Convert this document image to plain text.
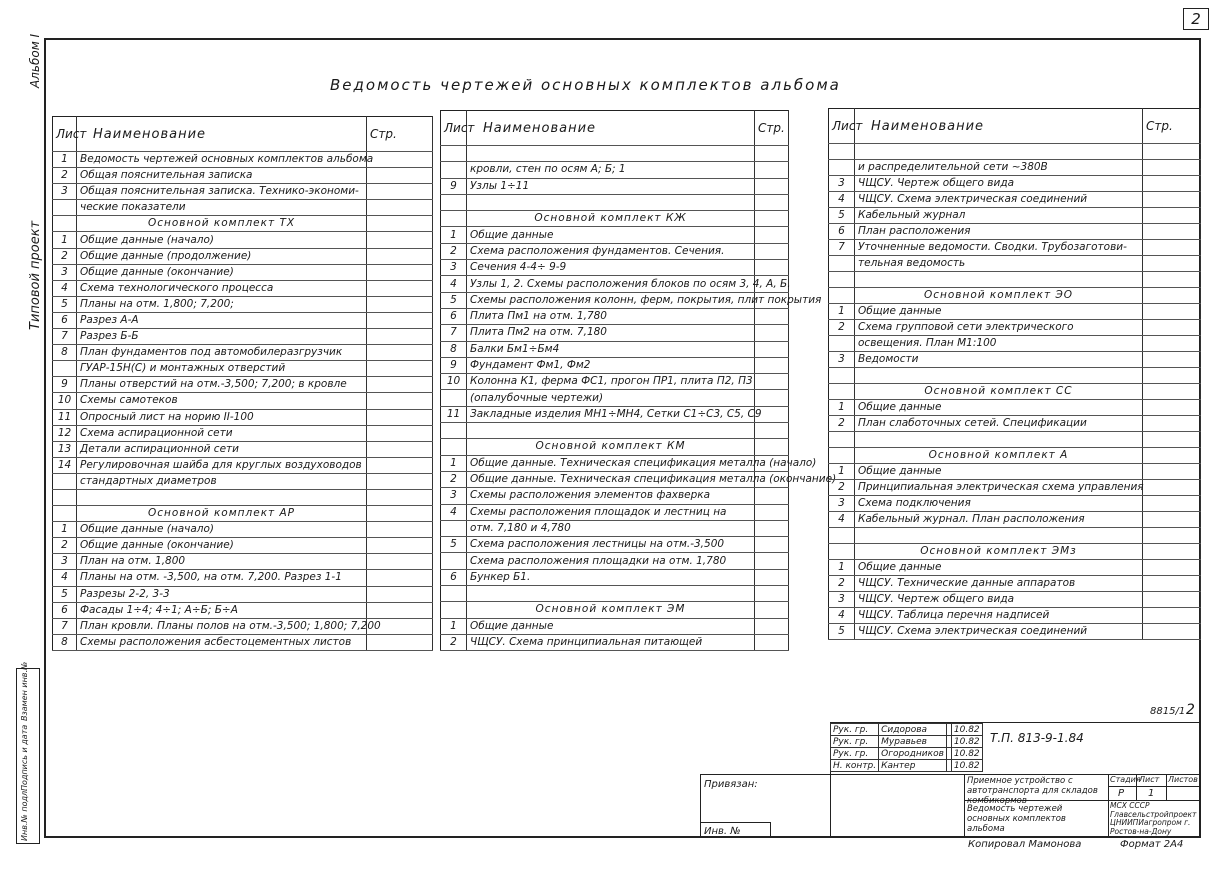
2
Альбом I
Типовой проект
Инв.№ подл.
Подпись и дата
Взамен инв.№
Ведомость чертежей основных комплектов альбома
Лист	Наименование	Стр.
1	Ведомость чертежей основных комплектов альбома	
2	Общая пояснительная записка	
3	Общая пояснительная записка. Технико-экономи-	
	ческие показатели	
	Основной комплект ТХ	
1	Общие данные (начало)	
2	Общие данные (продолжение)	
3	Общие данные (окончание)	
4	Схема технологического процесса	
5	Планы на отм. 1,800; 7,200;	
6	Разрез А-А	
7	Разрез Б-Б	
8	План фундаментов под автомобилеразгрузчик	
	ГУАР-15Н(С) и монтажных отверстий	
9	Планы отверстий на отм.-3,500; 7,200; в кровле	
10	Схемы самотеков	
11	Опросный лист на норию II-100	
12	Схема аспирационной сети	
13	Детали аспирационной сети	
14	Регулировочная шайба для круглых воздуховодов	
	стандартных диаметров	

	Основной комплект АР	
1	Общие данные (начало)	
2	Общие данные (окончание)	
3	План на отм. 1,800	
4	Планы на отм. -3,500, на отм. 7,200. Разрез 1-1	
5	Разрезы 2-2, 3-3	
6	Фасады 1÷4; 4÷1; А÷Б; Б÷А	
7	План кровли. Планы полов на отм.-3,500; 1,800; 7,200	
8	Схемы расположения асбестоцементных листов	
Лист	Наименование	Стр.

	кровли, стен по осям А; Б; 1	
9	Узлы 1÷11	

	Основной комплект КЖ	
1	Общие данные	
2	Схема расположения фундаментов. Сечения.	
3	Сечения 4-4÷ 9-9	
4	Узлы 1, 2. Схемы расположения блоков по осям 3, 4, А, Б.	
5	Схемы расположения колонн, ферм, покрытия, плит покрытия	
6	Плита Пм1 на отм. 1,780	
7	Плита Пм2 на отм. 7,180	
8	Балки Бм1÷Бм4	
9	Фундамент Фм1, Фм2	
10	Колонна К1, ферма ФС1, прогон ПР1, плита П2, П3	
	(опалубочные чертежи)	
11	Закладные изделия МН1÷МН4, Сетки С1÷С3, С5, С9	

	Основной комплект КМ	
1	Общие данные. Техническая спецификация металла (начало)	
2	Общие данные. Техническая спецификация металла (окончание)	
3	Схемы расположения элементов фахверка	
4	Схемы расположения площадок и лестниц на	
	отм. 7,180 и 4,780	
5	Схема расположения лестницы на отм.-3,500	
	Схема расположения площадки на отм. 1,780	
6	Бункер Б1.	

	Основной комплект ЭМ	
1	Общие данные	
2	ЧЩСУ. Схема принципиальная питающей	
Лист	Наименование	Стр.

	и распределительной сети ~380В	
3	ЧЩСУ. Чертеж общего вида	
4	ЧЩСУ. Схема электрическая соединений	
5	Кабельный журнал	
6	План расположения	
7	Уточненные ведомости. Сводки. Трубозаготови-	
	тельная ведомость	

	Основной комплект ЭО	
1	Общие данные	
2	Схема групповой сети электрического	
	освещения. План М1:100	
3	Ведомости	

	Основной комплект СС	
1	Общие данные	
2	План слаботочных сетей. Спецификации	

	Основной комплект А	
1	Общие данные	
2	Принципиальная электрическая схема управления	
3	Схема подключения	
4	Кабельный журнал. План расположения	

	Основной комплект ЭМз	
1	Общие данные	
2	ЧЩСУ. Технические данные аппаратов	
3	ЧЩСУ. Чертеж общего вида	
4	ЧЩСУ. Таблица перечня надписей	
5	ЧЩСУ. Схема электрическая соединений	
8815/1 2
Рук. гр.	Сидорова		10.82
Рук. гр.	Муравьев		10.82
Рук. гр.	Огородников		10.82
Н. контр.	Кантер		10.82
Т.П. 813-9-1.84
Привязан:
Инв. №
Приемное устройство с автотранспорта для складов комбикормов
Ведомость чертежей основных комплектов альбома
Стадия
Лист Листов
Р 1
МСХ СССР Главсельстройпроект ЦНИИПИагропром г. Ростов-на-Дону
Копировал Мамонова	Формат 2А4
